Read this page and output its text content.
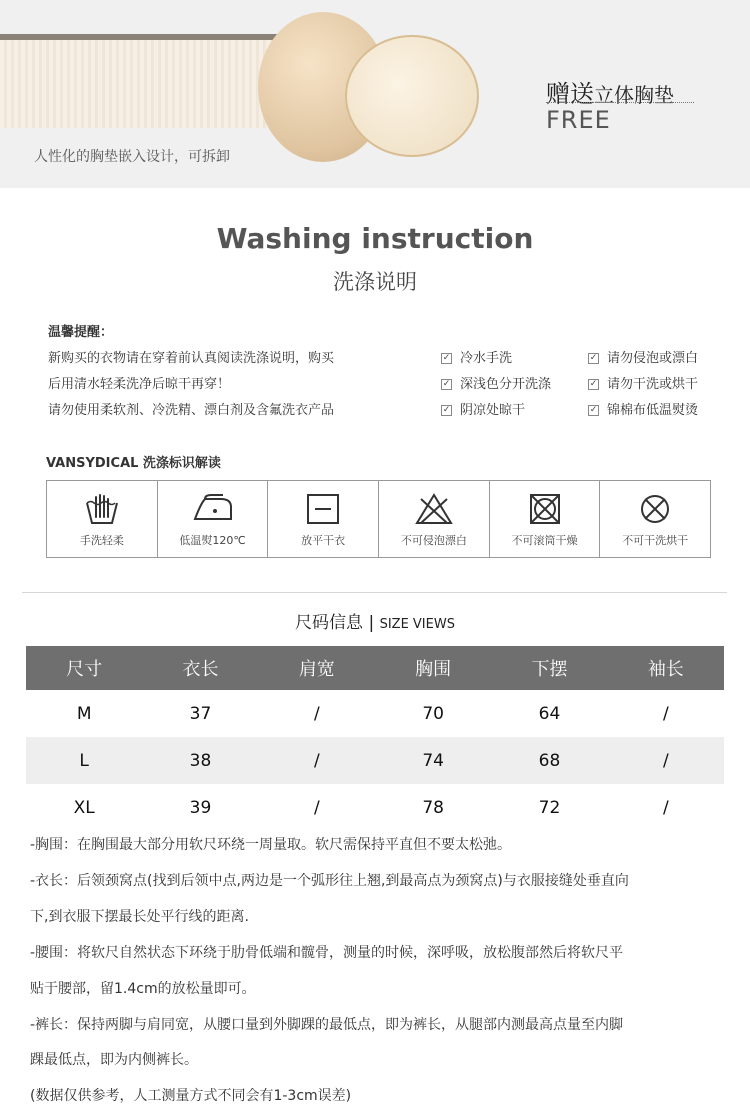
人性化的胸垫嵌入设计，可拆卸
赠送立体胸垫
FREE
Washing instruction
洗涤说明
温馨提醒：
新购买的衣物请在穿着前认真阅读洗涤说明，购买
后用清水轻柔洗净后晾干再穿！
请勿使用柔软剂、冷洗精、漂白剂及含氟洗衣产品
✓ 冷水手洗
✓ 深浅色分开洗涤
✓ 阴凉处晾干
✓ 请勿侵泡或漂白
✓ 请勿干洗或烘干
✓ 锦棉布低温熨烫
VANSYDICAL 洗涤标识解读
手洗轻柔	低温熨120℃	放平干衣	不可侵泡漂白	不可滚筒干燥	不可干洗烘干
尺码信息 | SIZE VIEWS
尺寸	衣长	肩宽	胸围	下摆	袖长
M	37	/	70	64	/
L	38	/	74	68	/
XL	39	/	78	72	/
-胸围：在胸围最大部分用软尺环绕一周量取。软尺需保持平直但不要太松弛。
-衣长：后领颈窝点(找到后领中点,两边是一个弧形往上翘,到最高点为颈窝点)与衣服接缝处垂直向
下,到衣服下摆最长处平行线的距离.
-腰围：将软尺自然状态下环绕于肋骨低端和髋骨，测量的时候，深呼吸，放松腹部然后将软尺平
贴于腰部，留1.4cm的放松量即可。
-裤长：保持两脚与肩同宽，从腰口量到外脚踝的最低点，即为裤长，从腿部内测最高点量至内脚
踝最低点，即为内侧裤长。
(数据仅供参考，人工测量方式不同会有1-3cm误差)
